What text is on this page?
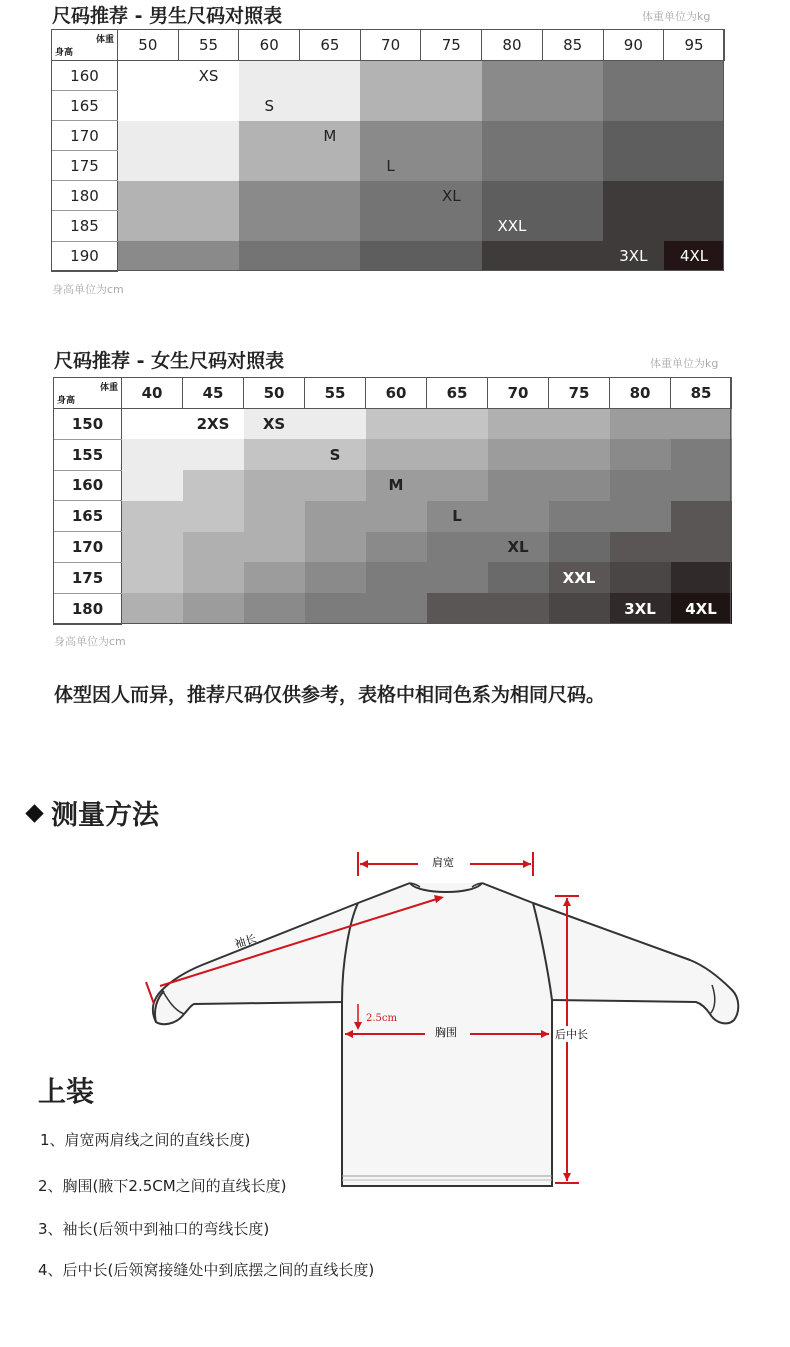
尺码推荐 - 男生尺码对照表	体重单位为kg
体重
身高	50	55	60	65	70	75	80	85	90	95
160		XS								
165			S							
170				M						
175					L					
180						XL				
185							XXL			
190									3XL	4XL
身高单位为cm
尺码推荐 - 女生尺码对照表	体重单位为kg
体重
身高	40	45	50	55	60	65	70	75	80	85
150		2XS	XS							
155				S						
160					M					
165						L				
170							XL			
175								XXL		
180									3XL	4XL
身高单位为cm
体型因人而异，推荐尺码仅供参考，表格中相同色系为相同尺码。
测量方法
肩宽
袖长
2.5cm
胸围	后中长
上装
1、肩宽两肩线之间的直线长度)
2、胸围(腋下2.5CM之间的直线长度)
3、袖长(后领中到袖口的弯线长度)
4、后中长(后领窝接缝处中到底摆之间的直线长度)
